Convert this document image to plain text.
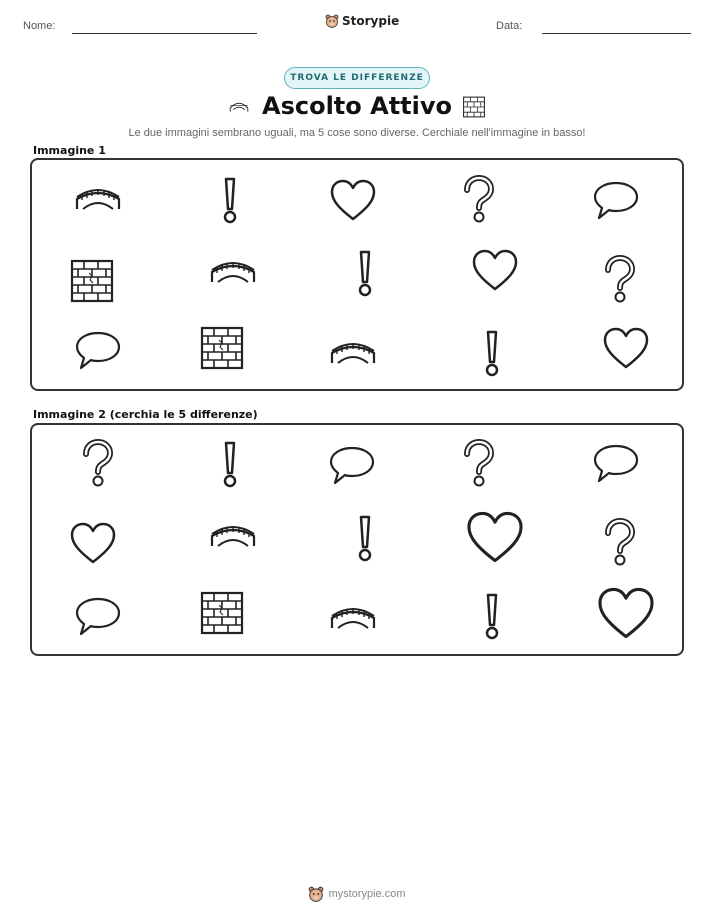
Nome:	Storypie	Data:
TROVA LE DIFFERENZE
Ascolto Attivo
Le due immagini sembrano uguali, ma 5 cose sono diverse. Cerchiale nell'immagine in basso!
Immagine 1
Immagine 2 (cerchia le 5 differenze)
mystorypie.com
